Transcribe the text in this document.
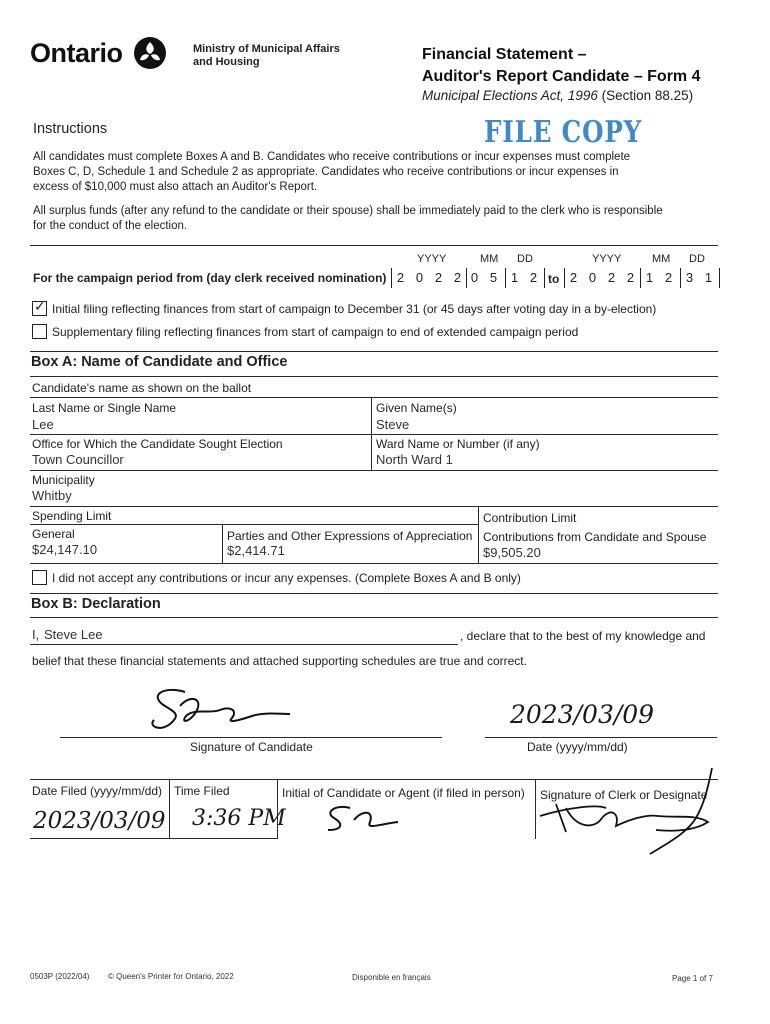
Ontario	Ministry of Municipal Affairs
and Housing	Financial Statement –
Auditor's Report Candidate – Form 4
Municipal Elections Act, 1996 (Section 88.25)
FILE COPY
Instructions
All candidates must complete Boxes A and B. Candidates who receive contributions or incur expenses must complete
Boxes C, D, Schedule 1 and Schedule 2 as appropriate. Candidates who receive contributions or incur expenses in
excess of $10,000 must also attach an Auditor's Report.
All surplus funds (after any refund to the candidate or their spouse) shall be immediately paid to the clerk who is responsible
for the conduct of the election.
YYYY	MM DD	YYYY	MM DD
For the campaign period from (day clerk received nomination) 2 0 2 2 0 5 1 2 to 2 0 2 2 1 2 3 1
✓ Initial filing reflecting finances from start of campaign to December 31 (or 45 days after voting day in a by-election)
Supplementary filing reflecting finances from start of campaign to end of extended campaign period
Box A: Name of Candidate and Office
Candidate's name as shown on the ballot
Last Name or Single Name
Lee
Given Name(s)
Steve
Office for Which the Candidate Sought Election
Town Councillor
Ward Name or Number (if any)
North Ward 1
Municipality
Whitby
Spending Limit	Contribution Limit
General
$24,147.10
Parties and Other Expressions of Appreciation
$2,414.71
Contributions from Candidate and Spouse
$9,505.20
I did not accept any contributions or incur any expenses. (Complete Boxes A and B only)
Box B: Declaration
I, Steve Lee	, declare that to the best of my knowledge and
belief that these financial statements and attached supporting schedules are true and correct.
Signature of Candidate
2023/03/09
Date (yyyy/mm/dd)
Date Filed (yyyy/mm/dd) Time Filed	Initial of Candidate or Agent (if filed in person) Signature of Clerk or Designate
2023/03/09 3:36 PM
0503P (2022/04) © Queen's Printer for Ontario, 2022	Disponible en français	Page 1 of 7
